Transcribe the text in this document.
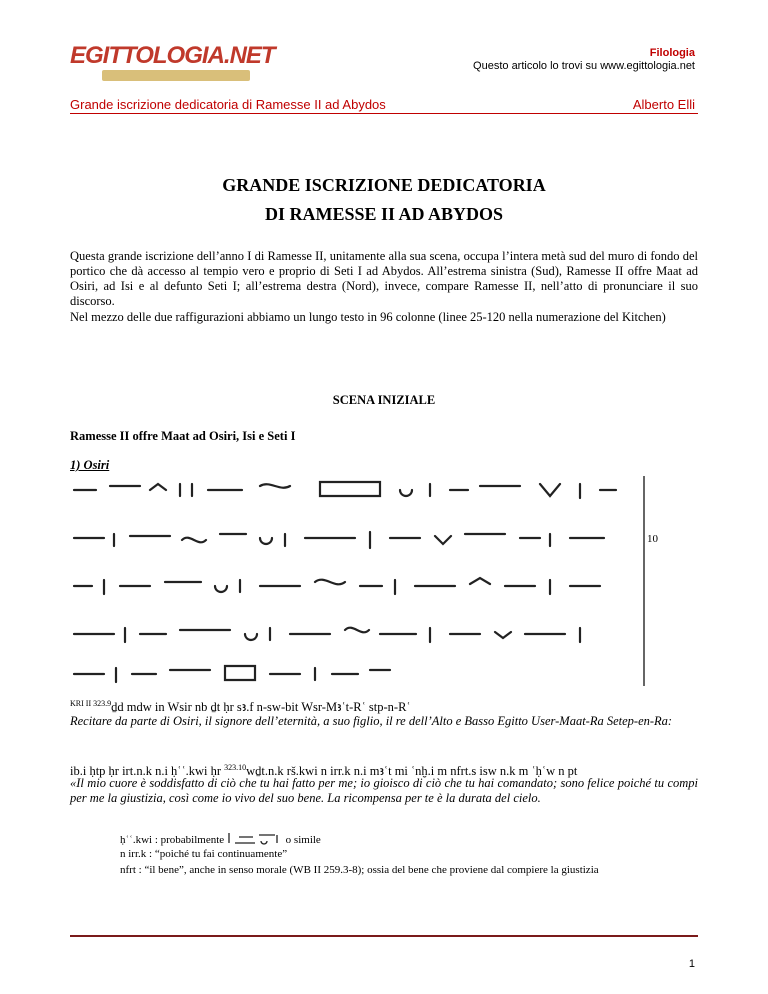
EGITTOLOGIA.NET	Filologia
Questo articolo lo trovi su www.egittologia.net
Grande iscrizione dedicatoria di Ramesse II ad Abydos	Alberto Elli
GRANDE ISCRIZIONE DEDICATORIA
DI RAMESSE II AD ABYDOS
Questa grande iscrizione dell’anno I di Ramesse II, unitamente alla sua scena, occupa l’intera metà sud del muro di fondo del portico che dà accesso al tempio vero e proprio di Seti I ad Abydos. All’estrema sinistra (Sud), Ramesse II offre Maat ad Osiri, ad Isi e al defunto Seti I; all’estrema destra (Nord), invece, compare Ramesse II, nell’atto di pronunciare il suo discorso.
Nel mezzo delle due raffigurazioni abbiamo un lungo testo in 96 colonne (linee 25-120 nella numerazione del Kitchen)
SCENA INIZIALE
Ramesse II offre Maat ad Osiri, Isi e Seti I
1) Osiri
10
$^{KRI II 323.9}$ḏd mdw in Wsir nb ḏt ḥr sꜣ.f n-sw-bit Wsr-Mꜣʿt-Rʿ stp-n-Rʿ
Recitare da parte di Osiri, il signore dell’eternità, a suo figlio, il re dell’Alto e Basso Egitto User-Maat-Ra Setep-en-Ra:
ib.i ḥtp ḥr irt.n.k n.i ḥʿʿ.kwi ḥr $^{323.10}$wḏt.n.k rš.kwi n irr.k n.i mꜣʿt mi ʿnḫ.i m nfrt.s isw n.k m ʿḥʿw n pt
«Il mio cuore è soddisfatto di ciò che tu hai fatto per me; io gioisco di ciò che tu hai comandato; sono felice poiché tu compi per me la giustizia, così come io vivo del suo bene. La ricompensa per te è la durata del cielo.
ḥʿʿ.kwi : probabilmente	o simile
n irr.k : “poiché tu fai continuamente”
nfrt : “il bene”, anche in senso morale (WB II 259.3-8); ossia del bene che proviene dal compiere la giustizia
1
